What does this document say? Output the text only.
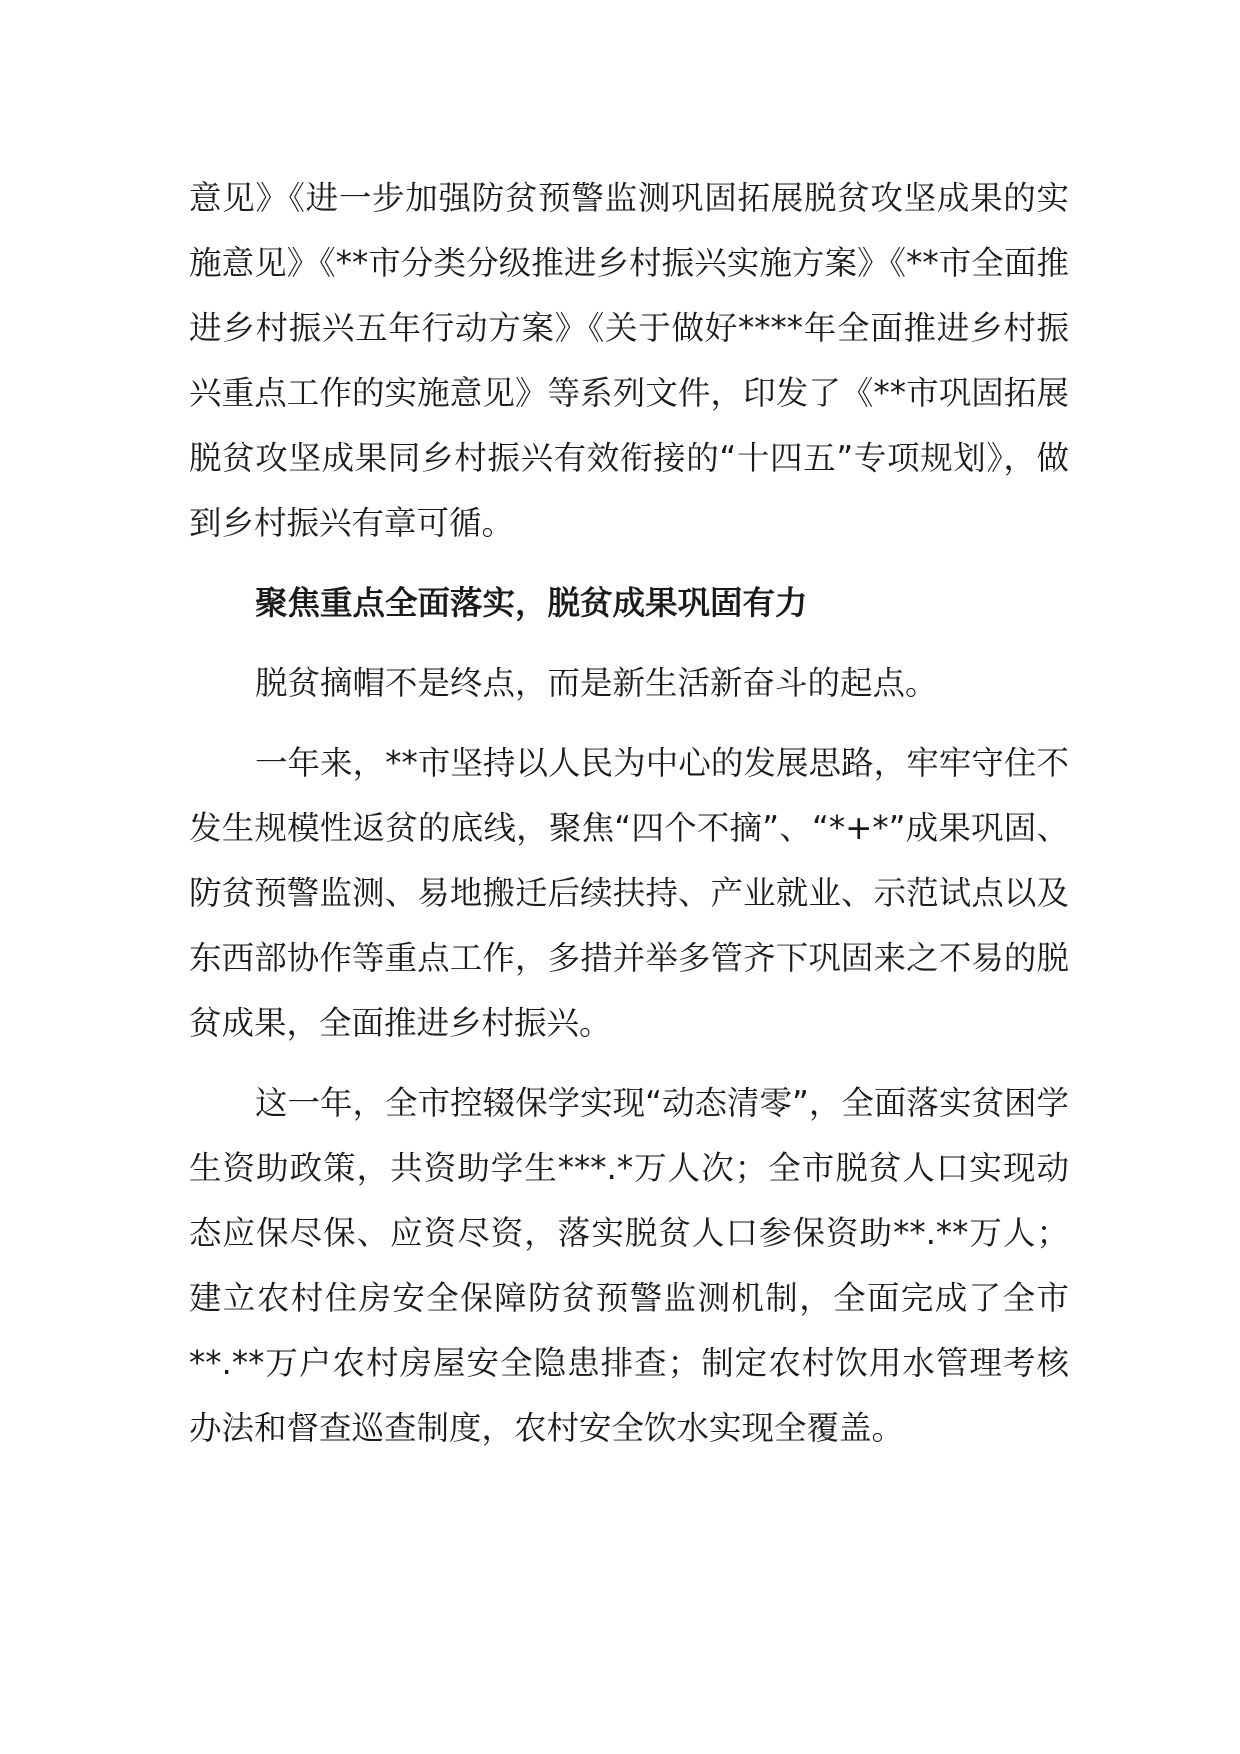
意见》《进一步加强防贫预警监测巩固拓展脱贫攻坚成果的实施意见》《**市分类分级推进乡村振兴实施方案》《**市全面推进乡村振兴五年行动方案》《关于做好****年全面推进乡村振兴重点工作的实施意见》等系列文件，印发了《**市巩固拓展脱贫攻坚成果同乡村振兴有效衔接的“十四五”专项规划》，做到乡村振兴有章可循。

聚焦重点全面落实，脱贫成果巩固有力

脱贫摘帽不是终点，而是新生活新奋斗的起点。

一年来，**市坚持以人民为中心的发展思路，牢牢守住不发生规模性返贫的底线，聚焦“四个不摘”、“*+*”成果巩固、防贫预警监测、易地搬迁后续扶持、产业就业、示范试点以及东西部协作等重点工作，多措并举多管齐下巩固来之不易的脱贫成果，全面推进乡村振兴。

这一年，全市控辍保学实现“动态清零”，全面落实贫困学生资助政策，共资助学生***.*万人次；全市脱贫人口实现动态应保尽保、应资尽资，落实脱贫人口参保资助**.**万人；建立农村住房安全保障防贫预警监测机制，全面完成了全市**.**万户农村房屋安全隐患排查；制定农村饮用水管理考核办法和督查巡查制度，农村安全饮水实现全覆盖。
